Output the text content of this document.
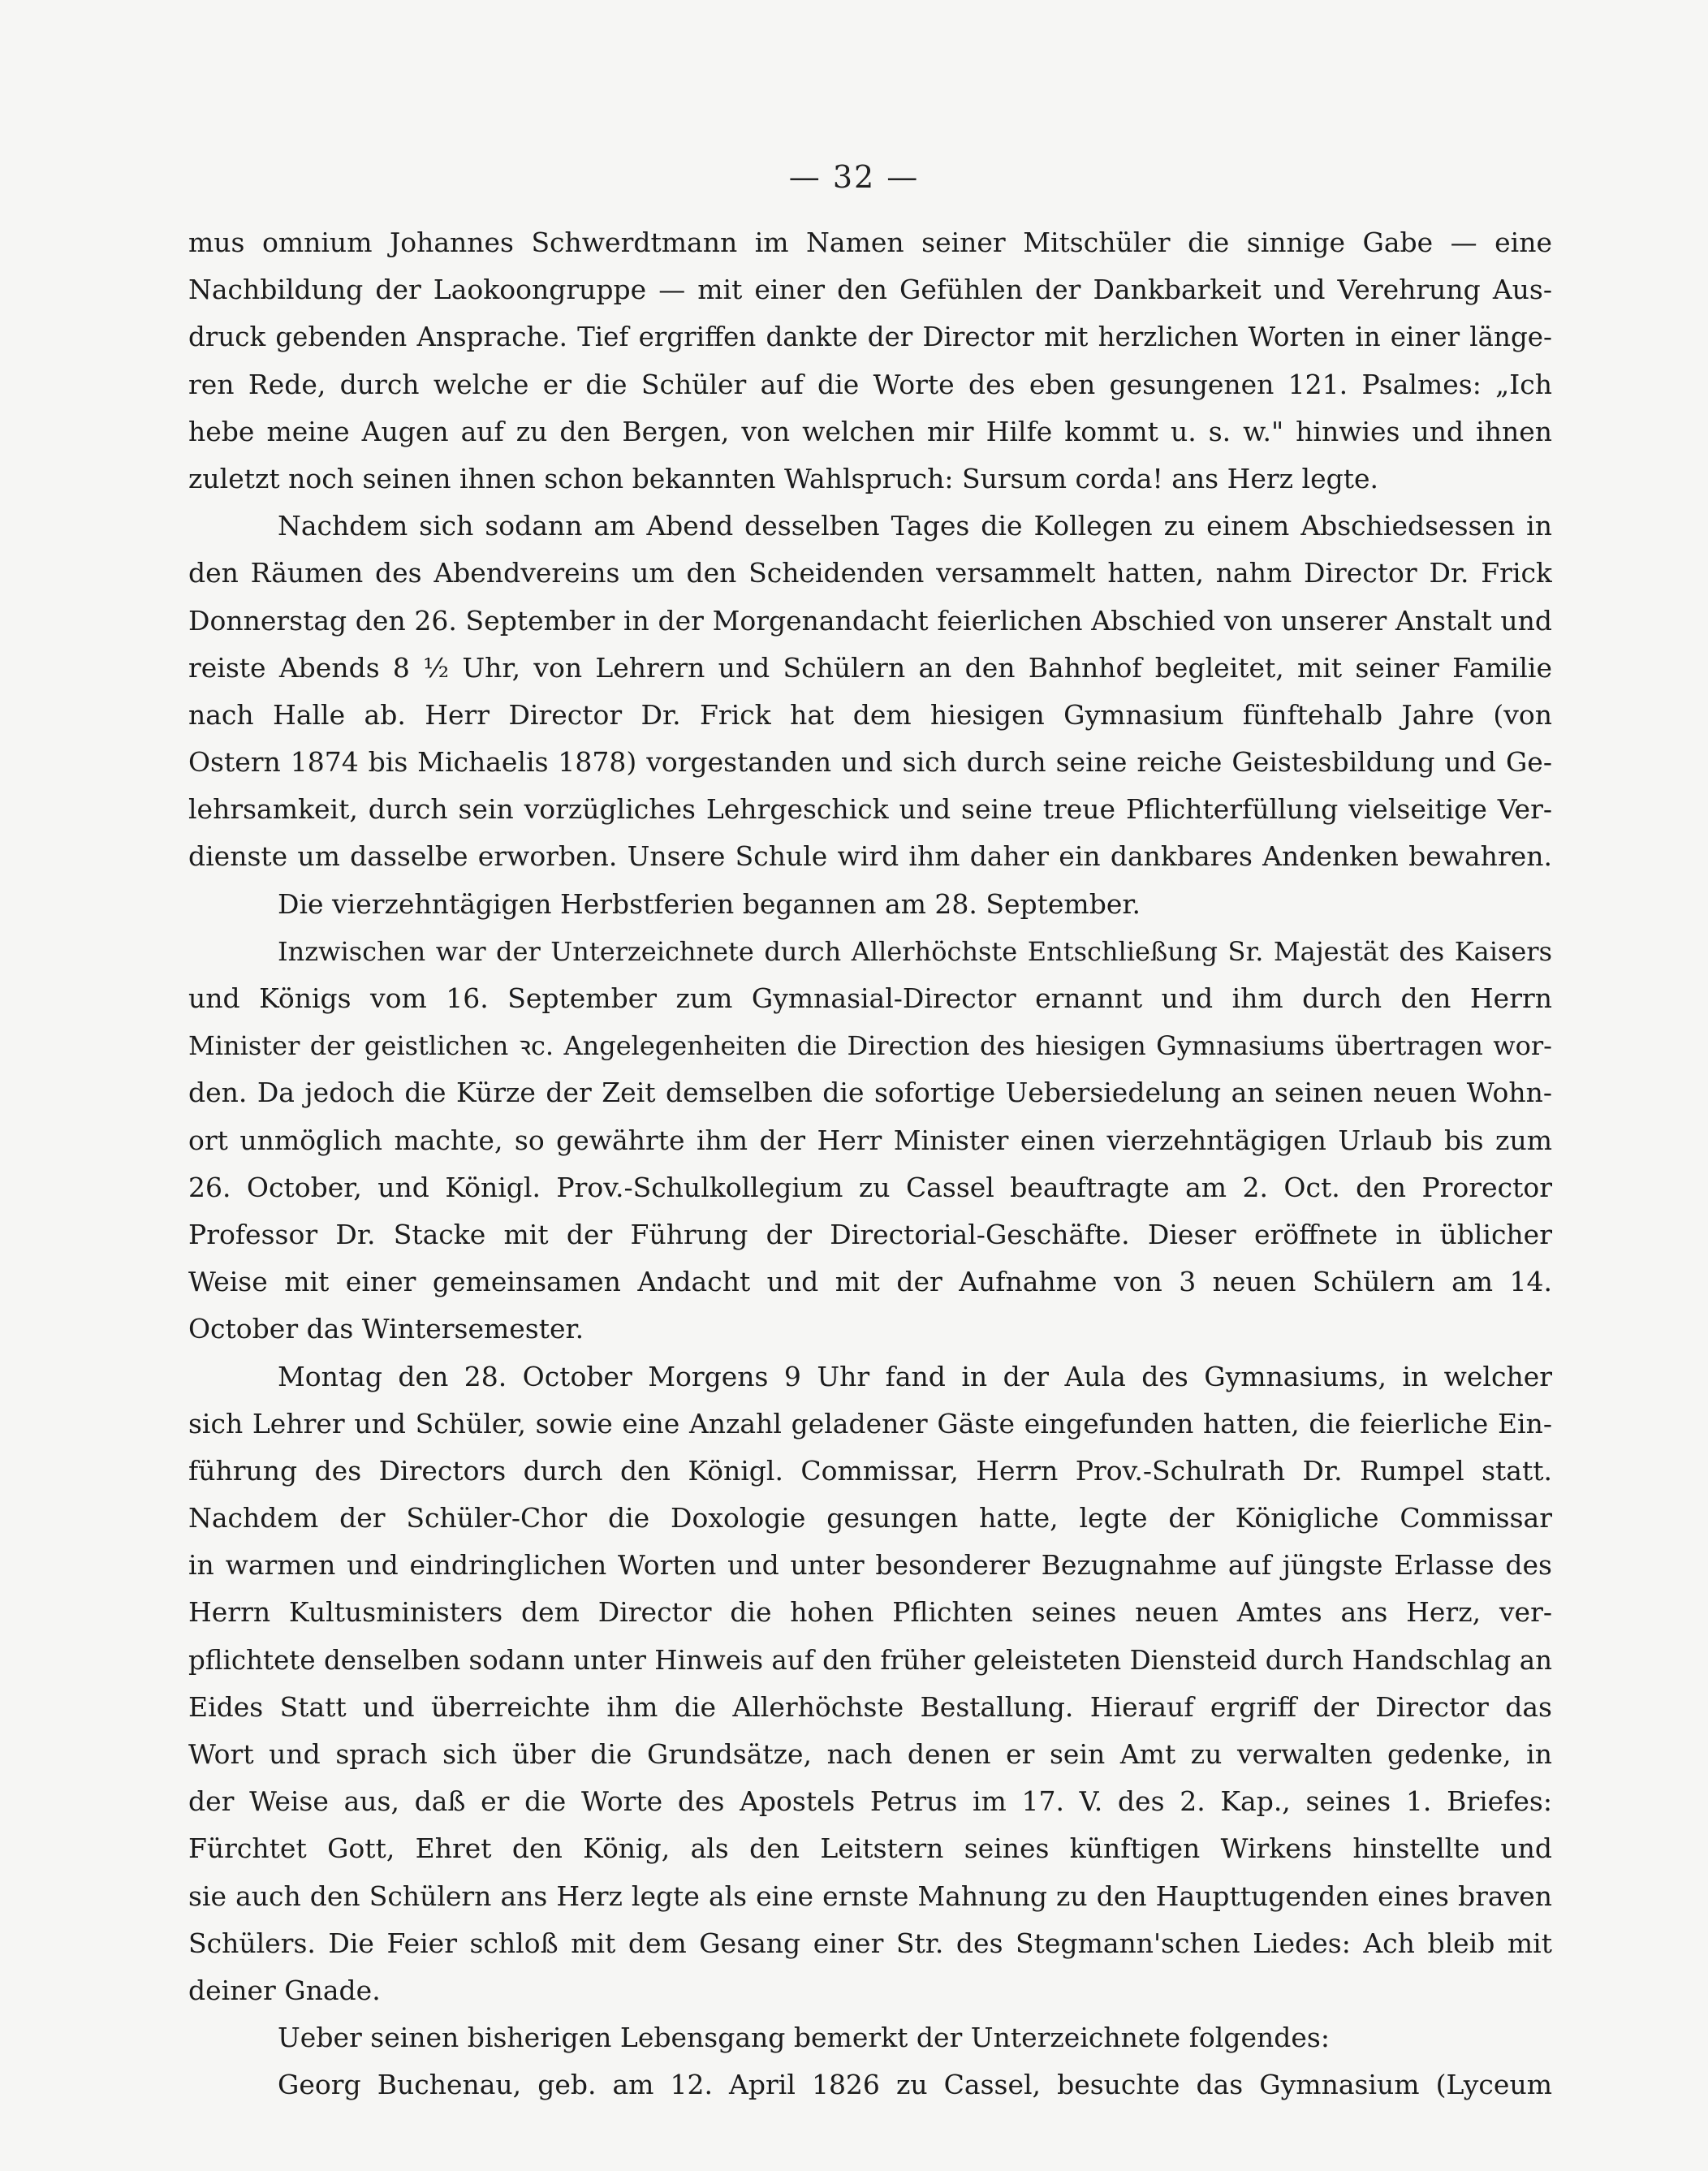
— 32 —
mus omnium Johannes Schwerdtmann im Namen seiner Mitschüler die sinnige Gabe — eine
Nachbildung der Laokoongruppe — mit einer den Gefühlen der Dankbarkeit und Verehrung Aus-
druck gebenden Ansprache. Tief ergriffen dankte der Director mit herzlichen Worten in einer länge-
ren Rede, durch welche er die Schüler auf die Worte des eben gesungenen 121. Psalmes: „Ich
hebe meine Augen auf zu den Bergen, von welchen mir Hilfe kommt u. s. w." hinwies und ihnen
zuletzt noch seinen ihnen schon bekannten Wahlspruch: Sursum corda! ans Herz legte.
Nachdem sich sodann am Abend desselben Tages die Kollegen zu einem Abschiedsessen in
den Räumen des Abendvereins um den Scheidenden versammelt hatten, nahm Director Dr. Frick
Donnerstag den 26. September in der Morgenandacht feierlichen Abschied von unserer Anstalt und
reiste Abends 8 ½ Uhr, von Lehrern und Schülern an den Bahnhof begleitet, mit seiner Familie
nach Halle ab. Herr Director Dr. Frick hat dem hiesigen Gymnasium fünftehalb Jahre (von
Ostern 1874 bis Michaelis 1878) vorgestanden und sich durch seine reiche Geistesbildung und Ge-
lehrsamkeit, durch sein vorzügliches Lehrgeschick und seine treue Pflichterfüllung vielseitige Ver-
dienste um dasselbe erworben. Unsere Schule wird ihm daher ein dankbares Andenken bewahren.
Die vierzehntägigen Herbstferien begannen am 28. September.
Inzwischen war der Unterzeichnete durch Allerhöchste Entschließung Sr. Majestät des Kaisers
und Königs vom 16. September zum Gymnasial-Director ernannt und ihm durch den Herrn
Minister der geistlichen ꝛc. Angelegenheiten die Direction des hiesigen Gymnasiums übertragen wor-
den. Da jedoch die Kürze der Zeit demselben die sofortige Uebersiedelung an seinen neuen Wohn-
ort unmöglich machte, so gewährte ihm der Herr Minister einen vierzehntägigen Urlaub bis zum
26. October, und Königl. Prov.-Schulkollegium zu Cassel beauftragte am 2. Oct. den Prorector
Professor Dr. Stacke mit der Führung der Directorial-Geschäfte. Dieser eröffnete in üblicher
Weise mit einer gemeinsamen Andacht und mit der Aufnahme von 3 neuen Schülern am 14.
October das Wintersemester.
Montag den 28. October Morgens 9 Uhr fand in der Aula des Gymnasiums, in welcher
sich Lehrer und Schüler, sowie eine Anzahl geladener Gäste eingefunden hatten, die feierliche Ein-
führung des Directors durch den Königl. Commissar, Herrn Prov.-Schulrath Dr. Rumpel statt.
Nachdem der Schüler-Chor die Doxologie gesungen hatte, legte der Königliche Commissar
in warmen und eindringlichen Worten und unter besonderer Bezugnahme auf jüngste Erlasse des
Herrn Kultusministers dem Director die hohen Pflichten seines neuen Amtes ans Herz, ver-
pflichtete denselben sodann unter Hinweis auf den früher geleisteten Diensteid durch Handschlag an
Eides Statt und überreichte ihm die Allerhöchste Bestallung. Hierauf ergriff der Director das
Wort und sprach sich über die Grundsätze, nach denen er sein Amt zu verwalten gedenke, in
der Weise aus, daß er die Worte des Apostels Petrus im 17. V. des 2. Kap., seines 1. Briefes:
Fürchtet Gott, Ehret den König, als den Leitstern seines künftigen Wirkens hinstellte und
sie auch den Schülern ans Herz legte als eine ernste Mahnung zu den Haupttugenden eines braven
Schülers. Die Feier schloß mit dem Gesang einer Str. des Stegmann'schen Liedes: Ach bleib mit
deiner Gnade.
Ueber seinen bisherigen Lebensgang bemerkt der Unterzeichnete folgendes:
Georg Buchenau, geb. am 12. April 1826 zu Cassel, besuchte das Gymnasium (Lyceum
